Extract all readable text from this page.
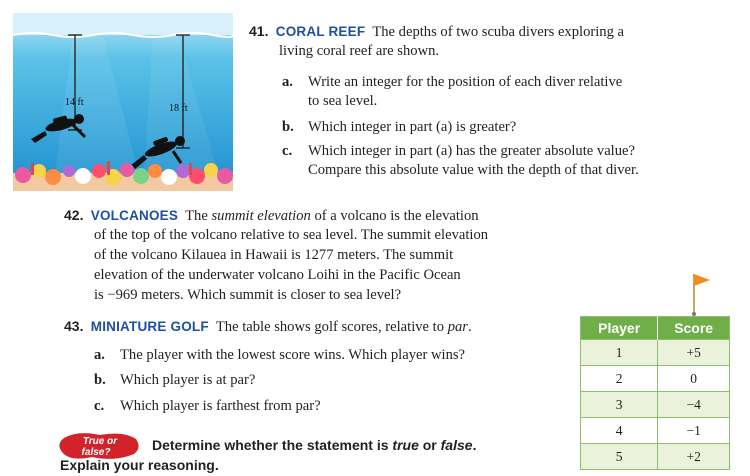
14 ft
18 ft
41. CORAL REEF The depths of two scuba divers exploring a
living coral reef are shown.
a. Write an integer for the position of each diver relative
to sea level.
b. Which integer in part (a) is greater?
c. Which integer in part (a) has the greater absolute value?
Compare this absolute value with the depth of that diver.
42. VOLCANOES The summit elevation of a volcano is the elevation
of the top of the volcano relative to sea level. The summit elevation
of the volcano Kilauea in Hawaii is 1277 meters. The summit
elevation of the underwater volcano Loihi in the Pacific Ocean
is −969 meters. Which summit is closer to sea level?
43. MINIATURE GOLF The table shows golf scores, relative to par.
a. The player with the lowest score wins. Which player wins?
b. Which player is at par?
c. Which player is farthest from par?
Player	Score
1	+5
2	0
3	−4
4	−1
5	+2
True or
false?	Determine whether the statement is true or false.
Explain your reasoning.
